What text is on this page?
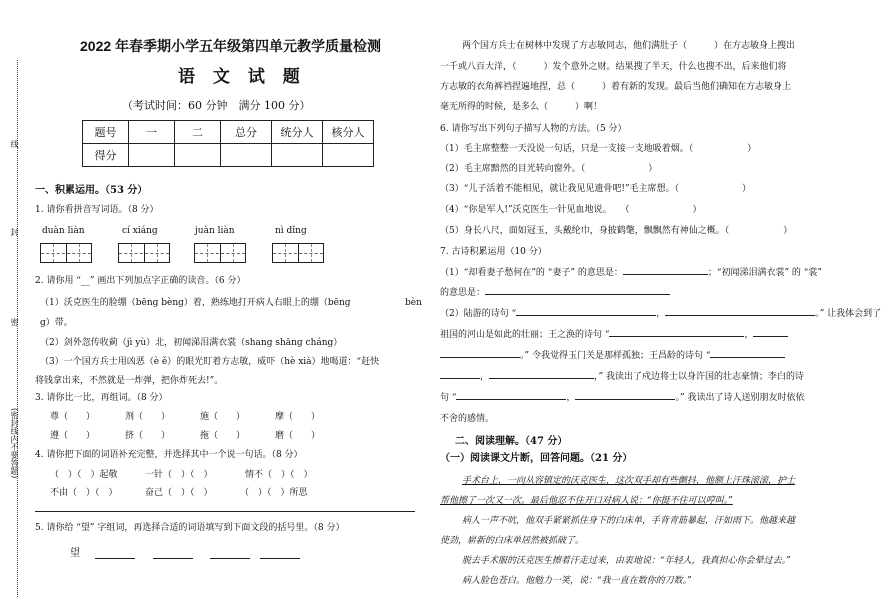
线
封
密
(密封线内不要答题)
2022 年春季期小学五年级第四单元教学质量检测
语 文 试 题
（考试时间：60 分钟　满分 100 分）
题号	一	二	总分	统分人	核分人
得分					
一、积累运用。（53 分）
1. 请你看拼音写词语。（8 分）
duàn liàn	cí xiáng	juàn liàn	nì dǐng
2. 请你用 “__” 画出下列加点字正确的读音。（6 分）
（1）沃克医生的脸绷（bēng bèng）着，熟练地打开病人右眼上的绷（bēng	bèn
g）带。
（2）剑外忽传收蓟（jì yù）北，初闻涕泪满衣裳（shang shāng cháng）
（3）一个国方兵士用凶恶（è ě）的眼光盯着方志敏，威吓（hè xià）地喝道：“赶快
将钱拿出来，不然就是一炸弹，把你炸死去!”。
3. 请你比一比，再组词。（8 分）
尊（　　）	剂（　　）	施（　　）	摩（　　）
遵（　　）	挤（　　）	拖（　　）	磨（　　）
4. 请你把下面的词语补充完整，并选择其中一个说一句话。（8 分）
（　）（　）起敬	一针（　）（　）	情不（　）（　）
不由（　）（　）	奋己（　）（　）	（　）（　）所思
5. 请你给 “望” 字组词，再选择合适的词语填写到下面文段的括号里。（8 分）
望
两个国方兵士在树林中发现了方志敏同志，他们满肚子（　　　）在方志敏身上搜出
一千或八百大洋，（　　　）发个意外之财。结果搜了半天，什么也搜不出，后来他们将
方志敏的衣角裤裆捏遍地捏，总（　　　）着有新的发现。最后当他们确知在方志敏身上
毫无所得的时候，是多么（　　　）啊！
6. 请你写出下列句子描写人物的方法。（5 分）
（1）毛主席整整一天没说一句话，只是一支接一支地吸着烟。（　　　　　　）
（2）毛主席黯然的目光转向窗外。（　　　　　　　）
（3）“儿子活着不能相见，就让我见见遗骨吧!”毛主席想。（　　　　　　　）
（4）“你是军人!”沃克医生一针见血地说。　　（　　　　　　　）
（5）身长八尺，面如冠玉，头戴纶巾，身披鹤氅，飘飘然有神仙之概。（　　　　　　）
7. 古诗积累运用（10 分）
（1）“却看妻子愁何在”的 “妻子” 的意思是：	；“初闻涕泪满衣裳” 的 “裳”
的意思是：
（2）陆游的诗句 “	，	。” 让我体会到了
祖国的河山是如此的壮丽；王之涣的诗句 “	，
。” 令我觉得玉门关是那样孤独；王昌龄的诗句 “
，	，” 我读出了戍边将士以身许国的壮志豪情；李白的诗
句 “	，	。” 我读出了诗人送别朋友时依依
不舍的感情。
二、阅读理解。（47 分）
（一）阅读课文片断，回答问题。（21 分）
手术台上，一向从容镇定的沃克医生，这次双手却有些颤抖，他额上汗珠滚滚，护士
帮他擦了一次又一次。最后他忍不住开口对病人说：“你挺不住可以哼叫。”
病人一声不吭，他双手紧紧抓住身下的白床单，手背青筋暴起，汗如雨下。他越来越
使劲，崭新的白床单居然被抓破了。
脱去手术服的沃克医生擦着汗走过来，由衷地说：“年轻人，我真担心你会晕过去。”
病人脸色苍白。他勉力一笑，说：“我一直在数你的刀数。”
